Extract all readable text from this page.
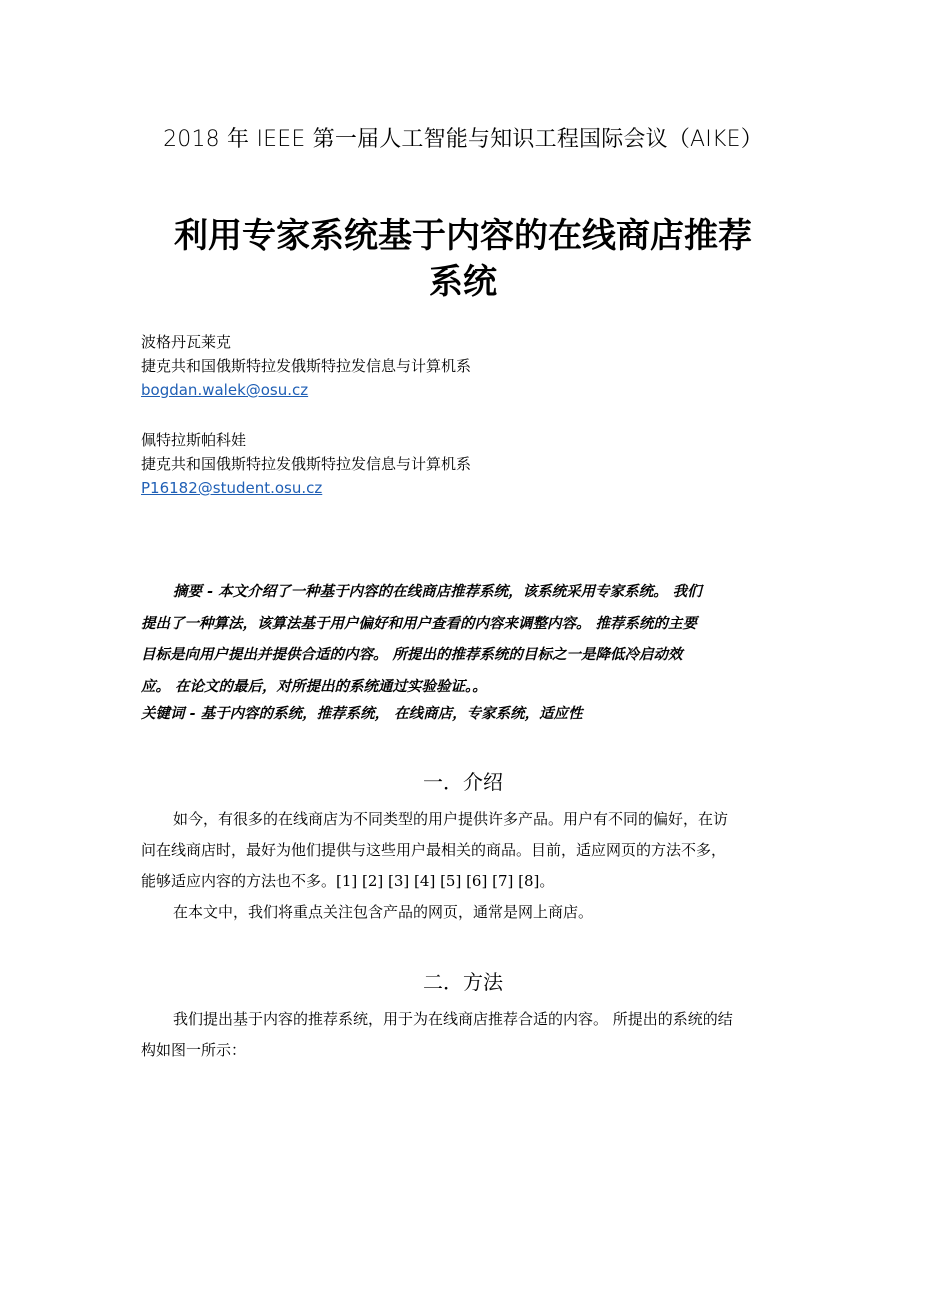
2018 年 IEEE 第一届人工智能与知识工程国际会议（AIKE）
利用专家系统基于内容的在线商店推荐
系统
波格丹瓦莱克
捷克共和国俄斯特拉发俄斯特拉发信息与计算机系
bogdan.walek@osu.cz
佩特拉斯帕科娃
捷克共和国俄斯特拉发俄斯特拉发信息与计算机系
P16182@student.osu.cz
摘要 - 本文介绍了一种基于内容的在线商店推荐系统，该系统采用专家系统。 我们
提出了一种算法，该算法基于用户偏好和用户查看的内容来调整内容。 推荐系统的主要
目标是向用户提出并提供合适的内容。 所提出的推荐系统的目标之一是降低冷启动效
应。 在论文的最后，对所提出的系统通过实验验证。。
关键词 - 基于内容的系统，推荐系统， 在线商店，专家系统，适应性
一．介绍
如今，有很多的在线商店为不同类型的用户提供许多产品。用户有不同的偏好，在访
问在线商店时，最好为他们提供与这些用户最相关的商品。目前，适应网页的方法不多，
能够适应内容的方法也不多。[1] [2] [3] [4] [5] [6] [7] [8]。
在本文中，我们将重点关注包含产品的网页，通常是网上商店。
二．方法
我们提出基于内容的推荐系统，用于为在线商店推荐合适的内容。 所提出的系统的结
构如图一所示：
